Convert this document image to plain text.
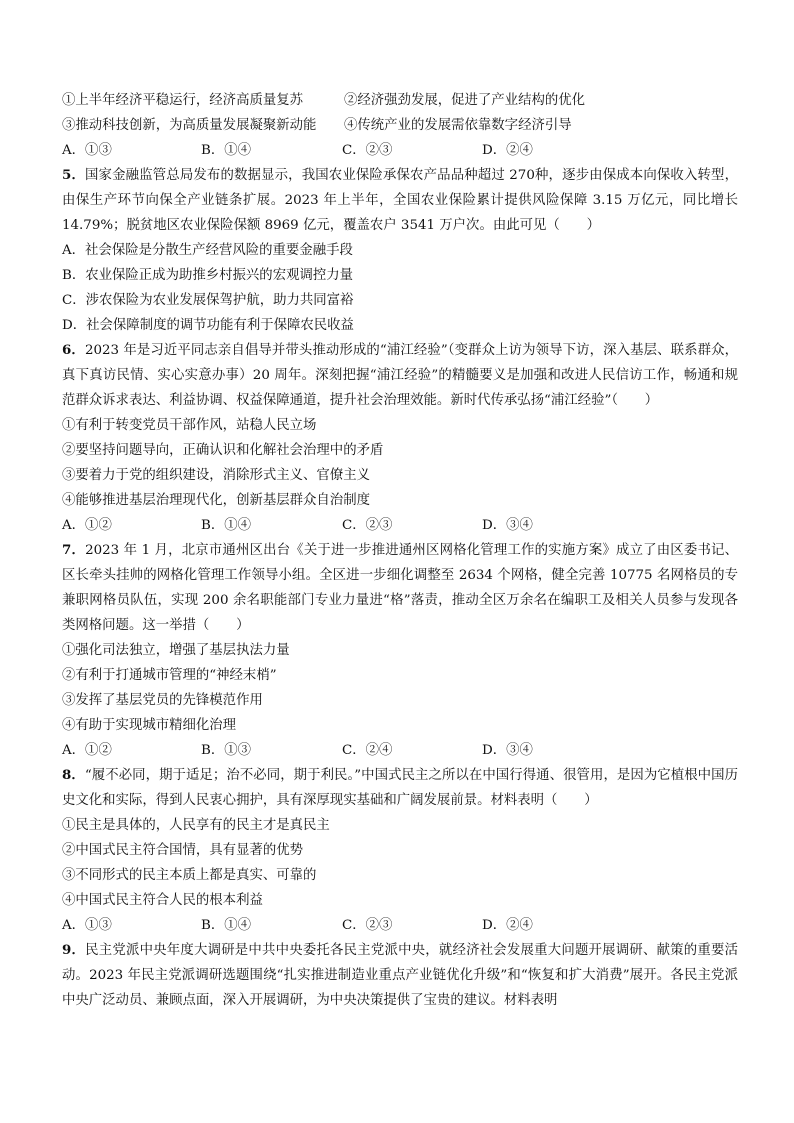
①上半年经济平稳运行，经济高质量复苏	②经济强劲发展，促进了产业结构的优化
③推动科技创新，为高质量发展凝聚新动能 ④传统产业的发展需依靠数字经济引导
A．①③	B．①④	C．②③	D．②④
5．国家金融监管总局发布的数据显示，我国农业保险承保农产品品种超过 270种，逐步由保成本向保收入转型，由保生产环节向保全产业链条扩展。2023 年上半年，全国农业保险累计提供风险保障 3.15 万亿元，同比增长 14.79%；脱贫地区农业保险保额 8969 亿元，覆盖农户 3541 万户次。由此可见（　　）
A．社会保险是分散生产经营风险的重要金融手段
B．农业保险正成为助推乡村振兴的宏观调控力量
C．涉农保险为农业发展保驾护航，助力共同富裕
D．社会保障制度的调节功能有利于保障农民收益
6．2023 年是习近平同志亲自倡导并带头推动形成的“浦江经验”（变群众上访为领导下访，深入基层、联系群众，真下真访民情、实心实意办事）20 周年。深刻把握“浦江经验”的精髓要义是加强和改进人民信访工作，畅通和规范群众诉求表达、利益协调、权益保障通道，提升社会治理效能。新时代传承弘扬“浦江经验”（　　）
①有利于转变党员干部作风，站稳人民立场
②要坚持问题导向，正确认识和化解社会治理中的矛盾
③要着力于党的组织建设，消除形式主义、官僚主义
④能够推进基层治理现代化，创新基层群众自治制度
A．①②	B．①④	C．②③	D．③④
7．2023 年 1 月，北京市通州区出台《关于进一步推进通州区网格化管理工作的实施方案》成立了由区委书记、区长牵头挂帅的网格化管理工作领导小组。全区进一步细化调整至 2634 个网格，健全完善 10775 名网格员的专兼职网格员队伍，实现 200 余名职能部门专业力量进“格”落责，推动全区万余名在编职工及相关人员参与发现各类网格问题。这一举措（　　）
①强化司法独立，增强了基层执法力量
②有利于打通城市管理的“神经末梢”
③发挥了基层党员的先锋模范作用
④有助于实现城市精细化治理
A．①②	B．①③	C．②④	D．③④
8．“履不必同，期于适足；治不必同，期于利民。”中国式民主之所以在中国行得通、很管用，是因为它植根中国历史文化和实际，得到人民衷心拥护，具有深厚现实基础和广阔发展前景。材料表明（　　）
①民主是具体的，人民享有的民主才是真民主
②中国式民主符合国情，具有显著的优势
③不同形式的民主本质上都是真实、可靠的
④中国式民主符合人民的根本利益
A．①③	B．①④	C．②③	D．②④
9．民主党派中央年度大调研是中共中央委托各民主党派中央，就经济社会发展重大问题开展调研、献策的重要活动。2023 年民主党派调研选题围绕“扎实推进制造业重点产业链优化升级”和“恢复和扩大消费”展开。各民主党派中央广泛动员、兼顾点面，深入开展调研，为中央决策提供了宝贵的建议。材料表明
